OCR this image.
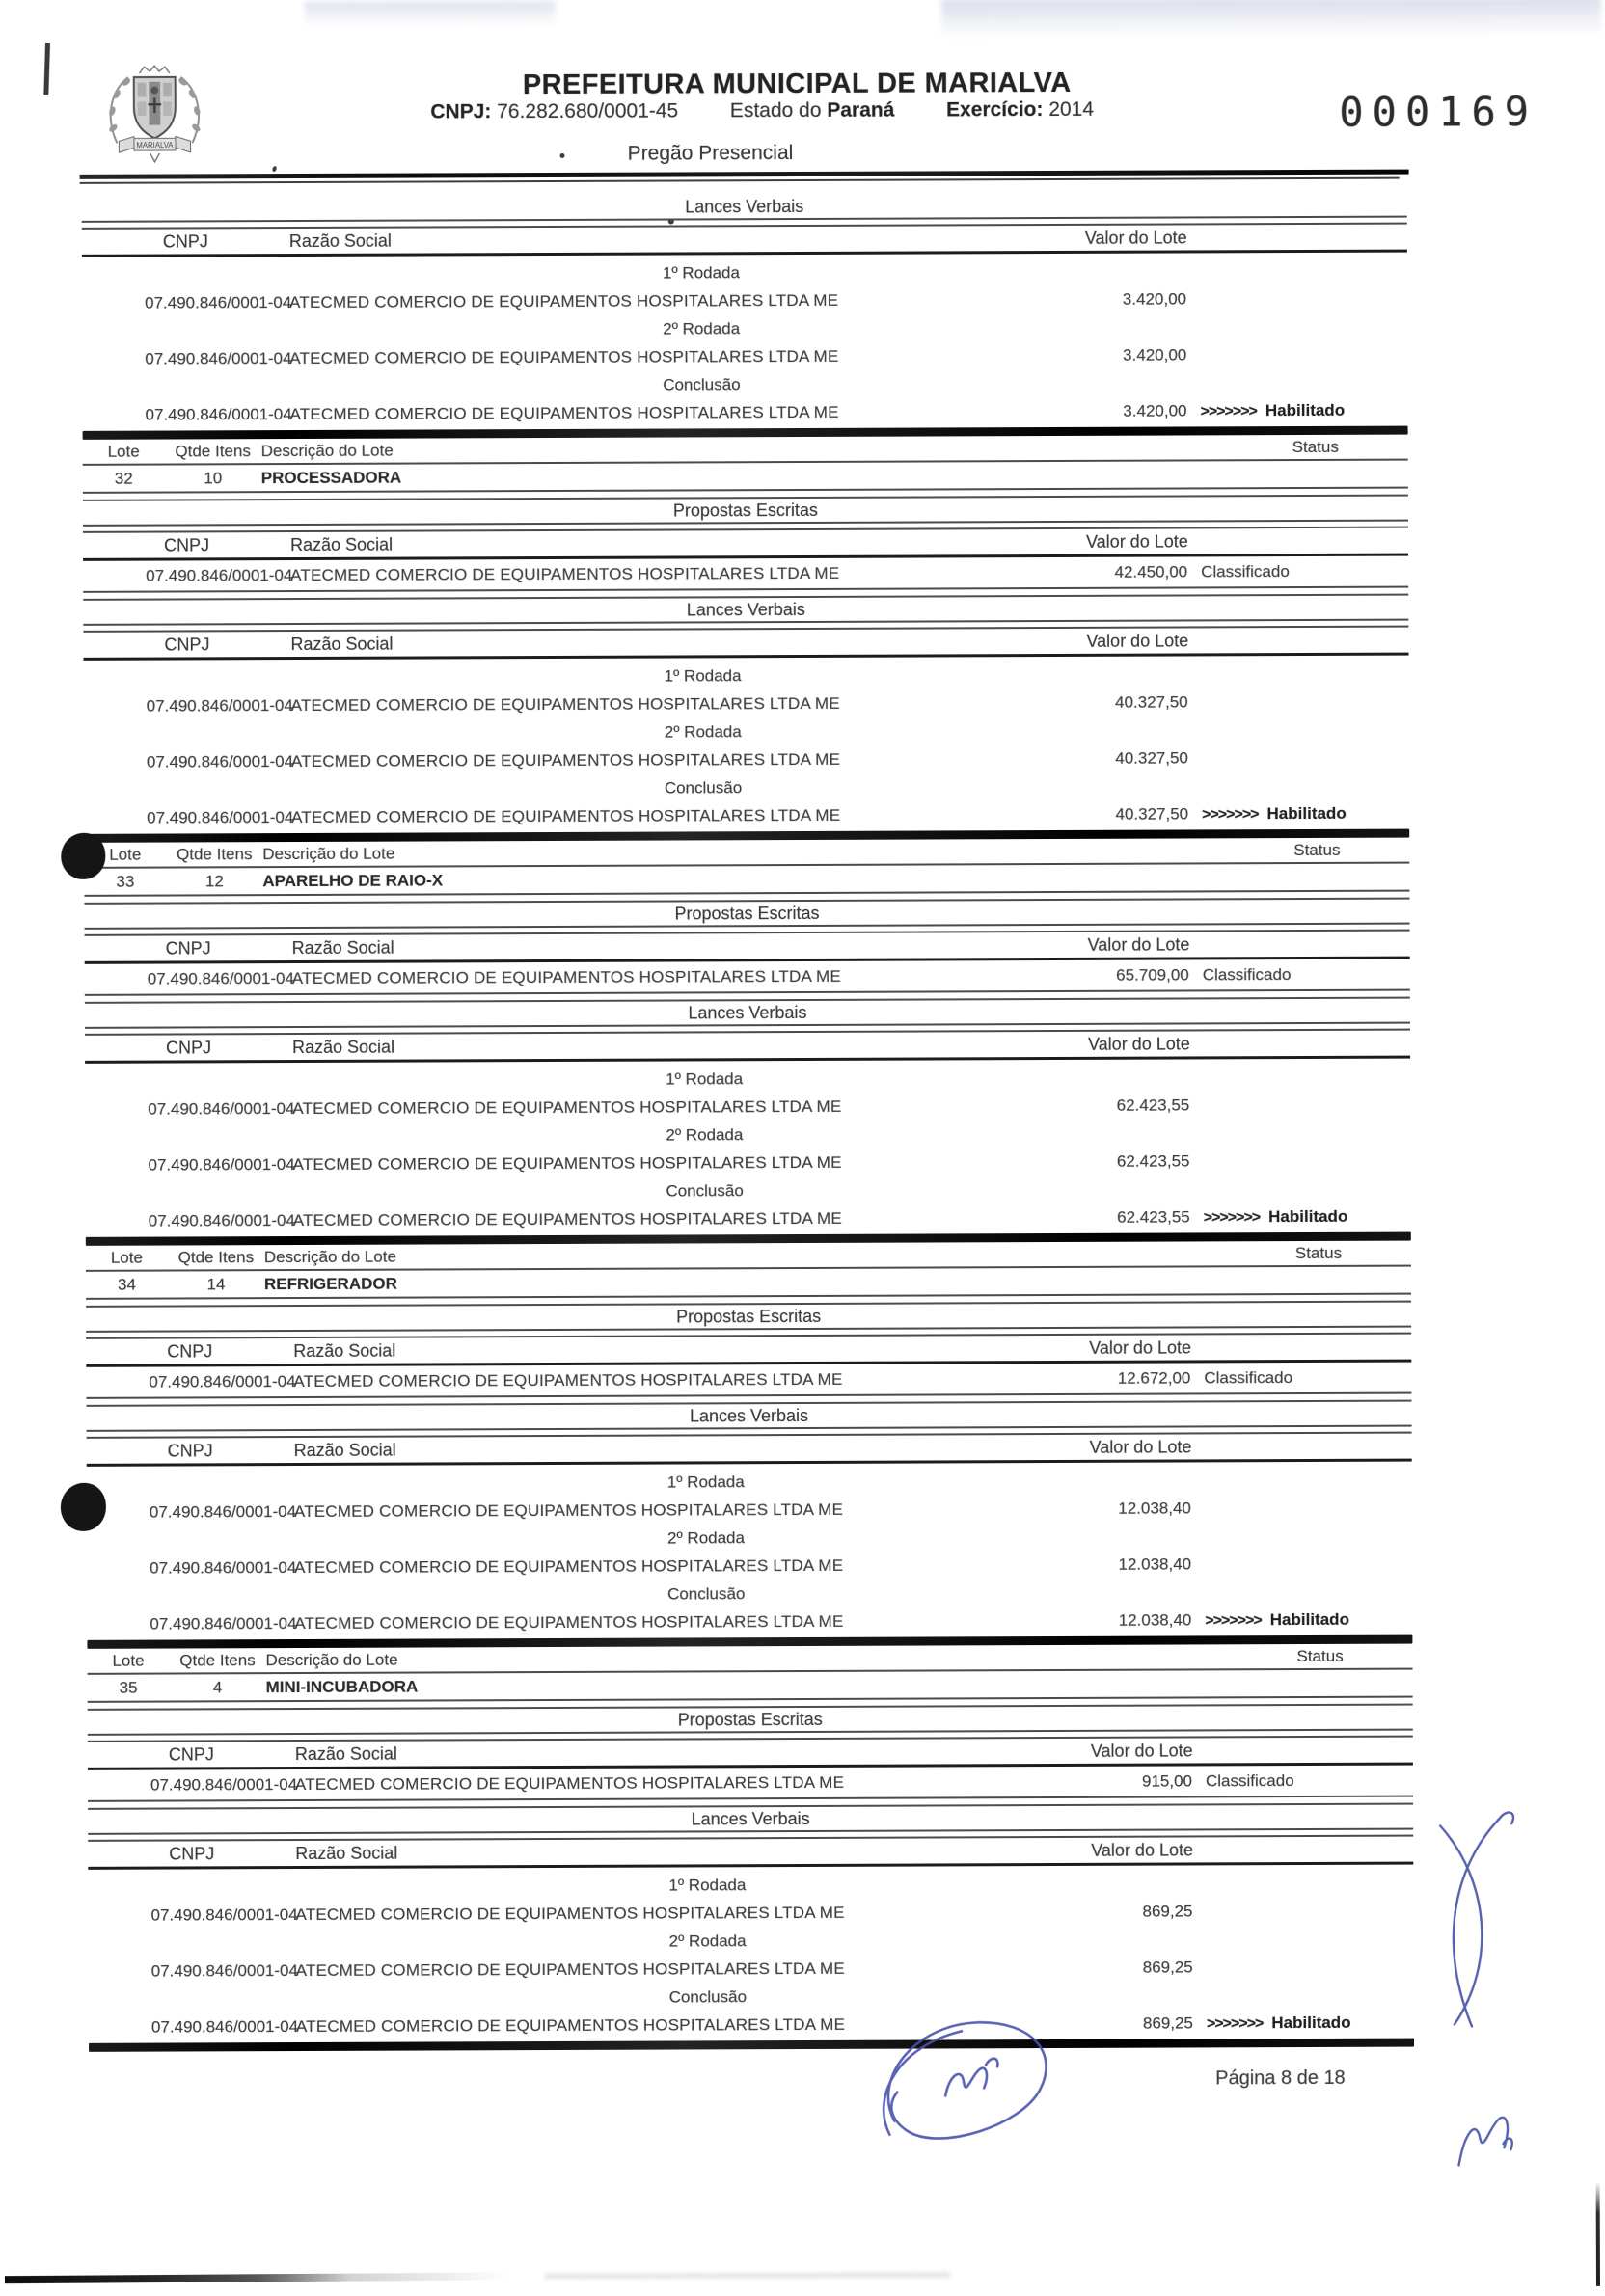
MARIALVA
PREFEITURA MUNICIPAL DE MARIALVA
CNPJ: 76.282.680/0001-45	Estado do Paraná	Exercício: 2014
Pregão Presencial
000169
Lances Verbais
CNPJ	Razão Social	Valor do Lote
1º Rodada
07.490.846/0001-04
ATECMED COMERCIO DE EQUIPAMENTOS HOSPITALARES LTDA ME	3.420,00
2º Rodada
07.490.846/0001-04
ATECMED COMERCIO DE EQUIPAMENTOS HOSPITALARES LTDA ME	3.420,00
Conclusão
07.490.846/0001-04
ATECMED COMERCIO DE EQUIPAMENTOS HOSPITALARES LTDA ME	3.420,00 >>>>>>> Habilitado
Lote	Qtde Itens Descrição do Lote	Status
32	10	PROCESSADORA
Propostas Escritas
CNPJ	Razão Social	Valor do Lote
07.490.846/0001-04
ATECMED COMERCIO DE EQUIPAMENTOS HOSPITALARES LTDA ME	42.450,00 Classificado
Lances Verbais
CNPJ	Razão Social	Valor do Lote
1º Rodada
07.490.846/0001-04
ATECMED COMERCIO DE EQUIPAMENTOS HOSPITALARES LTDA ME	40.327,50
2º Rodada
07.490.846/0001-04
ATECMED COMERCIO DE EQUIPAMENTOS HOSPITALARES LTDA ME	40.327,50
Conclusão
07.490.846/0001-04
ATECMED COMERCIO DE EQUIPAMENTOS HOSPITALARES LTDA ME	40.327,50 >>>>>>> Habilitado
Lote	Qtde Itens Descrição do Lote	Status
33	12	APARELHO DE RAIO-X
Propostas Escritas
CNPJ	Razão Social	Valor do Lote
07.490.846/0001-04
ATECMED COMERCIO DE EQUIPAMENTOS HOSPITALARES LTDA ME	65.709,00 Classificado
Lances Verbais
CNPJ	Razão Social	Valor do Lote
1º Rodada
07.490.846/0001-04
ATECMED COMERCIO DE EQUIPAMENTOS HOSPITALARES LTDA ME	62.423,55
2º Rodada
07.490.846/0001-04
ATECMED COMERCIO DE EQUIPAMENTOS HOSPITALARES LTDA ME	62.423,55
Conclusão
07.490.846/0001-04
ATECMED COMERCIO DE EQUIPAMENTOS HOSPITALARES LTDA ME	62.423,55 >>>>>>> Habilitado
Lote	Qtde Itens Descrição do Lote	Status
34	14	REFRIGERADOR
Propostas Escritas
CNPJ	Razão Social	Valor do Lote
07.490.846/0001-04
ATECMED COMERCIO DE EQUIPAMENTOS HOSPITALARES LTDA ME	12.672,00 Classificado
Lances Verbais
CNPJ	Razão Social	Valor do Lote
1º Rodada
07.490.846/0001-04
ATECMED COMERCIO DE EQUIPAMENTOS HOSPITALARES LTDA ME	12.038,40
2º Rodada
07.490.846/0001-04
ATECMED COMERCIO DE EQUIPAMENTOS HOSPITALARES LTDA ME	12.038,40
Conclusão
07.490.846/0001-04
ATECMED COMERCIO DE EQUIPAMENTOS HOSPITALARES LTDA ME	12.038,40 >>>>>>> Habilitado
Lote	Qtde Itens Descrição do Lote	Status
35	4	MINI-INCUBADORA
Propostas Escritas
CNPJ	Razão Social	Valor do Lote
07.490.846/0001-04
ATECMED COMERCIO DE EQUIPAMENTOS HOSPITALARES LTDA ME	915,00 Classificado
Lances Verbais
CNPJ	Razão Social	Valor do Lote
1º Rodada
07.490.846/0001-04
ATECMED COMERCIO DE EQUIPAMENTOS HOSPITALARES LTDA ME	869,25
2º Rodada
07.490.846/0001-04
ATECMED COMERCIO DE EQUIPAMENTOS HOSPITALARES LTDA ME	869,25
Conclusão
07.490.846/0001-04
ATECMED COMERCIO DE EQUIPAMENTOS HOSPITALARES LTDA ME	869,25 >>>>>>> Habilitado
Página 8 de 18
